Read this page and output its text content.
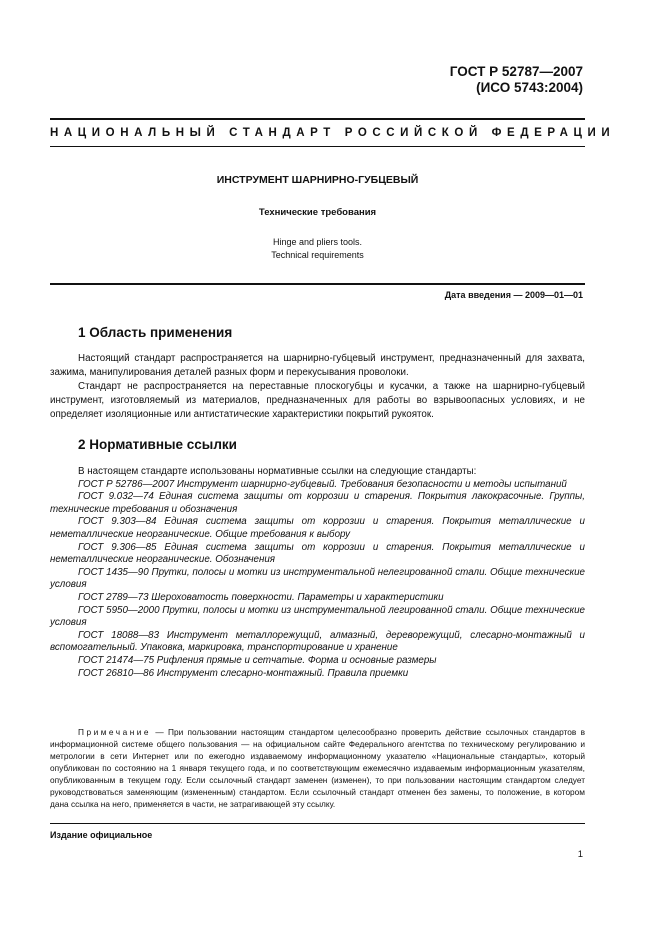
ГОСТ Р 52787—2007
(ИСО 5743:2004)
НАЦИОНАЛЬНЫЙ СТАНДАРТ РОССИЙСКОЙ ФЕДЕРАЦИИ
ИНСТРУМЕНТ ШАРНИРНО-ГУБЦЕВЫЙ
Технические требования
Hinge and pliers tools.
Technical requirements
Дата введения — 2009—01—01
1 Область применения

Настоящий стандарт распространяется на шарнирно-губцевый инструмент, предназначенный для захвата, зажима, манипулирования деталей разных форм и перекусывания проволоки.

Стандарт не распространяется на переставные плоскогубцы и кусачки, а также на шарнирно-губцевый инструмент, изготовляемый из материалов, предназначенных для работы во взрывоопасных условиях, и не определяет изоляционные или антистатические характеристики покрытий рукояток.

2 Нормативные ссылки
В настоящем стандарте использованы нормативные ссылки на следующие стандарты:
ГОСТ Р 52786—2007 Инструмент шарнирно-губцевый. Требования безопасности и методы испытаний
ГОСТ 9.032—74 Единая система защиты от коррозии и старения. Покрытия лакокрасочные. Группы, технические требования и обозначения
ГОСТ 9.303—84 Единая система защиты от коррозии и старения. Покрытия металлические и неметаллические неорганические. Общие требования к выбору
ГОСТ 9.306—85 Единая система защиты от коррозии и старения. Покрытия металлические и неметаллические неорганические. Обозначения
ГОСТ 1435—90 Прутки, полосы и мотки из инструментальной нелегированной стали. Общие технические условия
ГОСТ 2789—73 Шероховатость поверхности. Параметры и характеристики
ГОСТ 5950—2000 Прутки, полосы и мотки из инструментальной легированной стали. Общие технические условия
ГОСТ 18088—83 Инструмент металлорежущий, алмазный, дереворежущий, слесарно-монтажный и вспомогательный. Упаковка, маркировка, транспортирование и хранение
ГОСТ 21474—75 Рифления прямые и сетчатые. Форма и основные размеры
ГОСТ 26810—86 Инструмент слесарно-монтажный. Правила приемки

Примечание — При пользовании настоящим стандартом целесообразно проверить действие ссылочных стандартов в информационной системе общего пользования — на официальном сайте Федерального агентства по техническому регулированию и метрологии в сети Интернет или по ежегодно издаваемому информационному указателю «Национальные стандарты», который опубликован по состоянию на 1 января текущего года, и по соответствующим ежемесячно издаваемым информационным указателям, опубликованным в текущем году. Если ссылочный стандарт заменен (изменен), то при пользовании настоящим стандартом следует руководствоваться заменяющим (измененным) стандартом. Если ссылочный стандарт отменен без замены, то положение, в котором дана ссылка на него, применяется в части, не затрагивающей эту ссылку.

Издание официальное
1
